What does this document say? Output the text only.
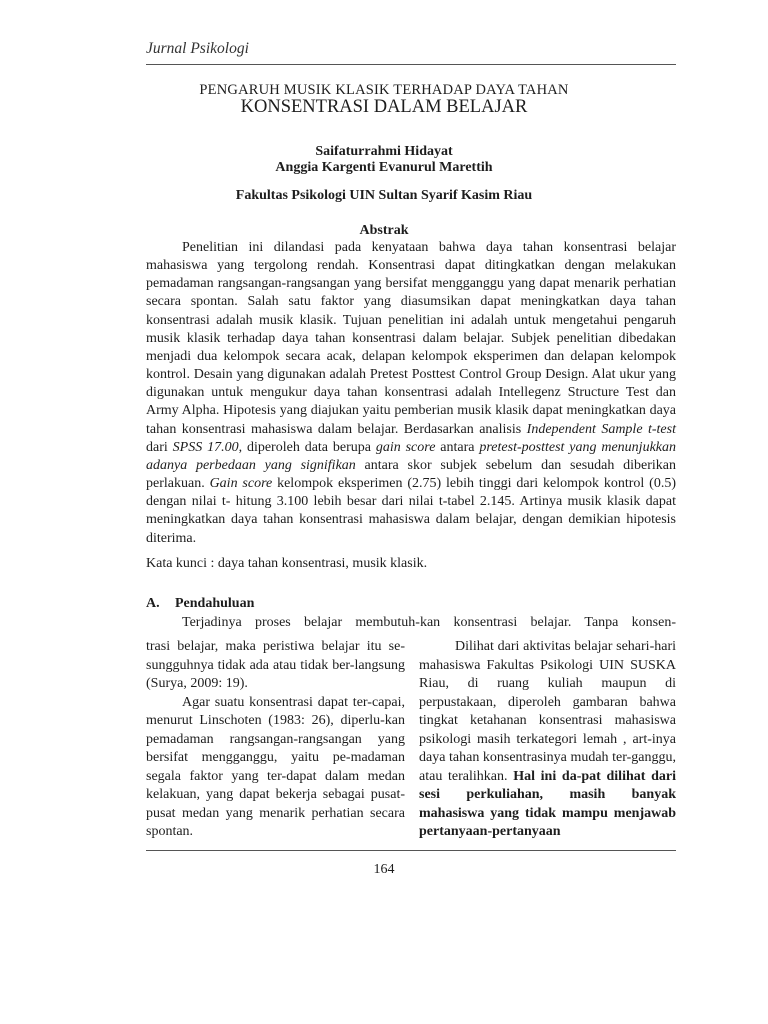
Jurnal Psikologi
PENGARUH MUSIK KLASIK TERHADAP DAYA TAHAN
KONSENTRASI DALAM BELAJAR
Saifaturrahmi Hidayat
Anggia Kargenti Evanurul Marettih
Fakultas Psikologi UIN Sultan Syarif Kasim Riau
Abstrak
Penelitian ini dilandasi pada kenyataan bahwa daya tahan konsentrasi belajar mahasiswa yang tergolong rendah. Konsentrasi dapat ditingkatkan dengan melakukan pemadaman rangsangan-rangsangan yang bersifat mengganggu yang dapat menarik perhatian secara spontan. Salah satu faktor yang diasumsikan dapat meningkatkan daya tahan konsentrasi adalah musik klasik. Tujuan penelitian ini adalah untuk mengetahui pengaruh musik klasik terhadap daya tahan konsentrasi dalam belajar. Subjek penelitian dibedakan menjadi dua kelompok secara acak, delapan kelompok eksperimen dan delapan kelompok kontrol. Desain yang digunakan adalah Pretest Posttest Control Group Design. Alat ukur yang digunakan untuk mengukur daya tahan konsentrasi adalah Intellegenz Structure Test dan Army Alpha. Hipotesis yang diajukan yaitu pemberian musik klasik dapat meningkatkan daya tahan konsentrasi mahasiswa dalam belajar. Berdasarkan analisis Independent Sample t-test dari SPSS 17.00, diperoleh data berupa gain score antara pretest-posttest yang menunjukkan adanya perbedaan yang signifikan antara skor subjek sebelum dan sesudah diberikan perlakuan. Gain score kelompok eksperimen (2.75) lebih tinggi dari kelompok kontrol (0.5) dengan nilai t- hitung 3.100 lebih besar dari nilai t-tabel 2.145. Artinya musik klasik dapat meningkatkan daya tahan konsentrasi mahasiswa dalam belajar, dengan demikian hipotesis diterima.
Kata kunci : daya tahan konsentrasi, musik klasik.
A. Pendahuluan
Terjadinya proses belajar membutuh-kan konsentrasi belajar. Tanpa konsen-

trasi belajar, maka peristiwa belajar itu se-sungguhnya tidak ada atau tidak ber-langsung (Surya, 2009: 19).

Agar suatu konsentrasi dapat ter-capai, menurut Linschoten (1983: 26), diperlu-kan pemadaman rangsangan-rangsangan yang bersifat mengganggu, yaitu pe-madaman segala faktor yang ter-dapat dalam medan kelakuan, yang dapat bekerja sebagai pusat-pusat medan yang menarik perhatian secara spontan.

Dilihat dari aktivitas belajar sehari-hari mahasiswa Fakultas Psikologi UIN SUSKA Riau, di ruang kuliah maupun di perpustakaan, diperoleh gambaran bahwa tingkat ketahanan konsentrasi mahasiswa psikologi masih terkategori lemah , art-inya daya tahan konsentrasinya mudah ter-ganggu, atau teralihkan. Hal ini da-pat dilihat dari sesi perkuliahan, masih banyak mahasiswa yang tidak mampu menjawab pertanyaan-pertanyaan

164
